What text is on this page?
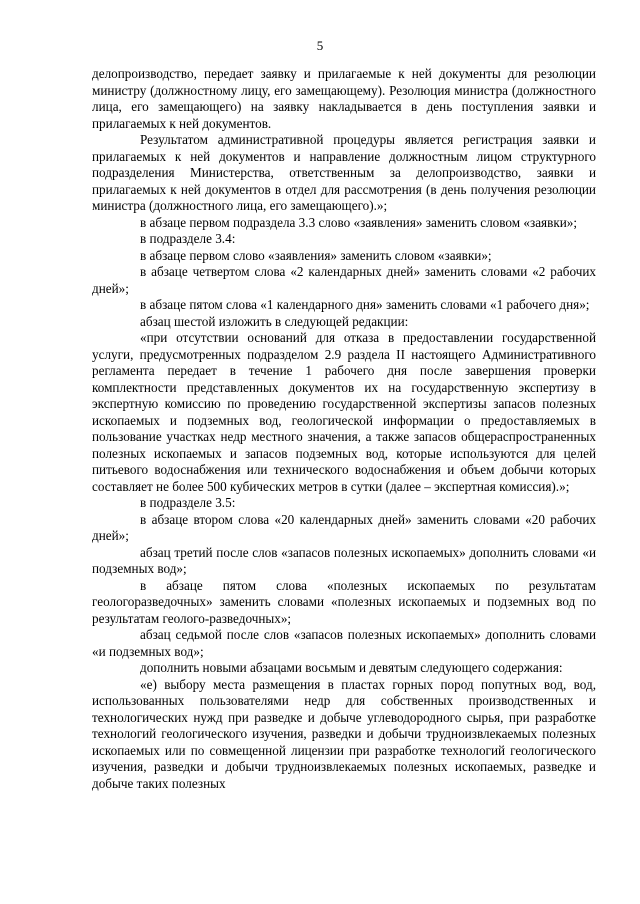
5

делопроизводство, передает заявку и прилагаемые к ней документы для резолюции министру (должностному лицу, его замещающему). Резолюция министра (должностного лица, его замещающего) на заявку накладывается в день поступления заявки и прилагаемых к ней документов.

Результатом административной процедуры является регистрация заявки и прилагаемых к ней документов и направление должностным лицом структурного подразделения Министерства, ответственным за делопроизводство, заявки и прилагаемых к ней документов в отдел для рассмотрения (в день получения резолюции министра (должностного лица, его замещающего).»;

в абзаце первом подраздела 3.3 слово «заявления» заменить словом «заявки»;

в подразделе 3.4:

в абзаце первом слово «заявления» заменить словом «заявки»;

в абзаце четвертом слова «2 календарных дней» заменить словами «2 рабочих дней»;

в абзаце пятом слова «1 календарного дня» заменить словами «1 рабочего дня»;

абзац шестой изложить в следующей редакции:

«при отсутствии оснований для отказа в предоставлении государственной услуги, предусмотренных подразделом 2.9 раздела II настоящего Административного регламента передает в течение 1 рабочего дня после завершения проверки комплектности представленных документов их на государственную экспертизу в экспертную комиссию по проведению государственной экспертизы запасов полезных ископаемых и подземных вод, геологической информации о предоставляемых в пользование участках недр местного значения, а также запасов общераспространенных полезных ископаемых и запасов подземных вод, которые используются для целей питьевого водоснабжения или технического водоснабжения и объем добычи которых составляет не более 500 кубических метров в сутки (далее – экспертная комиссия).»;

в подразделе 3.5:

в абзаце втором слова «20 календарных дней» заменить словами «20 рабочих дней»;

абзац третий после слов «запасов полезных ископаемых» дополнить словами «и подземных вод»;

в абзаце пятом слова «полезных ископаемых по результатам геологоразведочных» заменить словами «полезных ископаемых и подземных вод по результатам геолого-разведочных»;

абзац седьмой после слов «запасов полезных ископаемых» дополнить словами «и подземных вод»;

дополнить новыми абзацами восьмым и девятым следующего содержания:

«е) выбору места размещения в пластах горных пород попутных вод, вод, использованных пользователями недр для собственных производственных и технологических нужд при разведке и добыче углеводородного сырья, при разработке технологий геологического изучения, разведки и добычи трудноизвлекаемых полезных ископаемых или по совмещенной лицензии при разработке технологий геологического изучения, разведки и добычи трудноизвлекаемых полезных ископаемых, разведке и добыче таких полезных
